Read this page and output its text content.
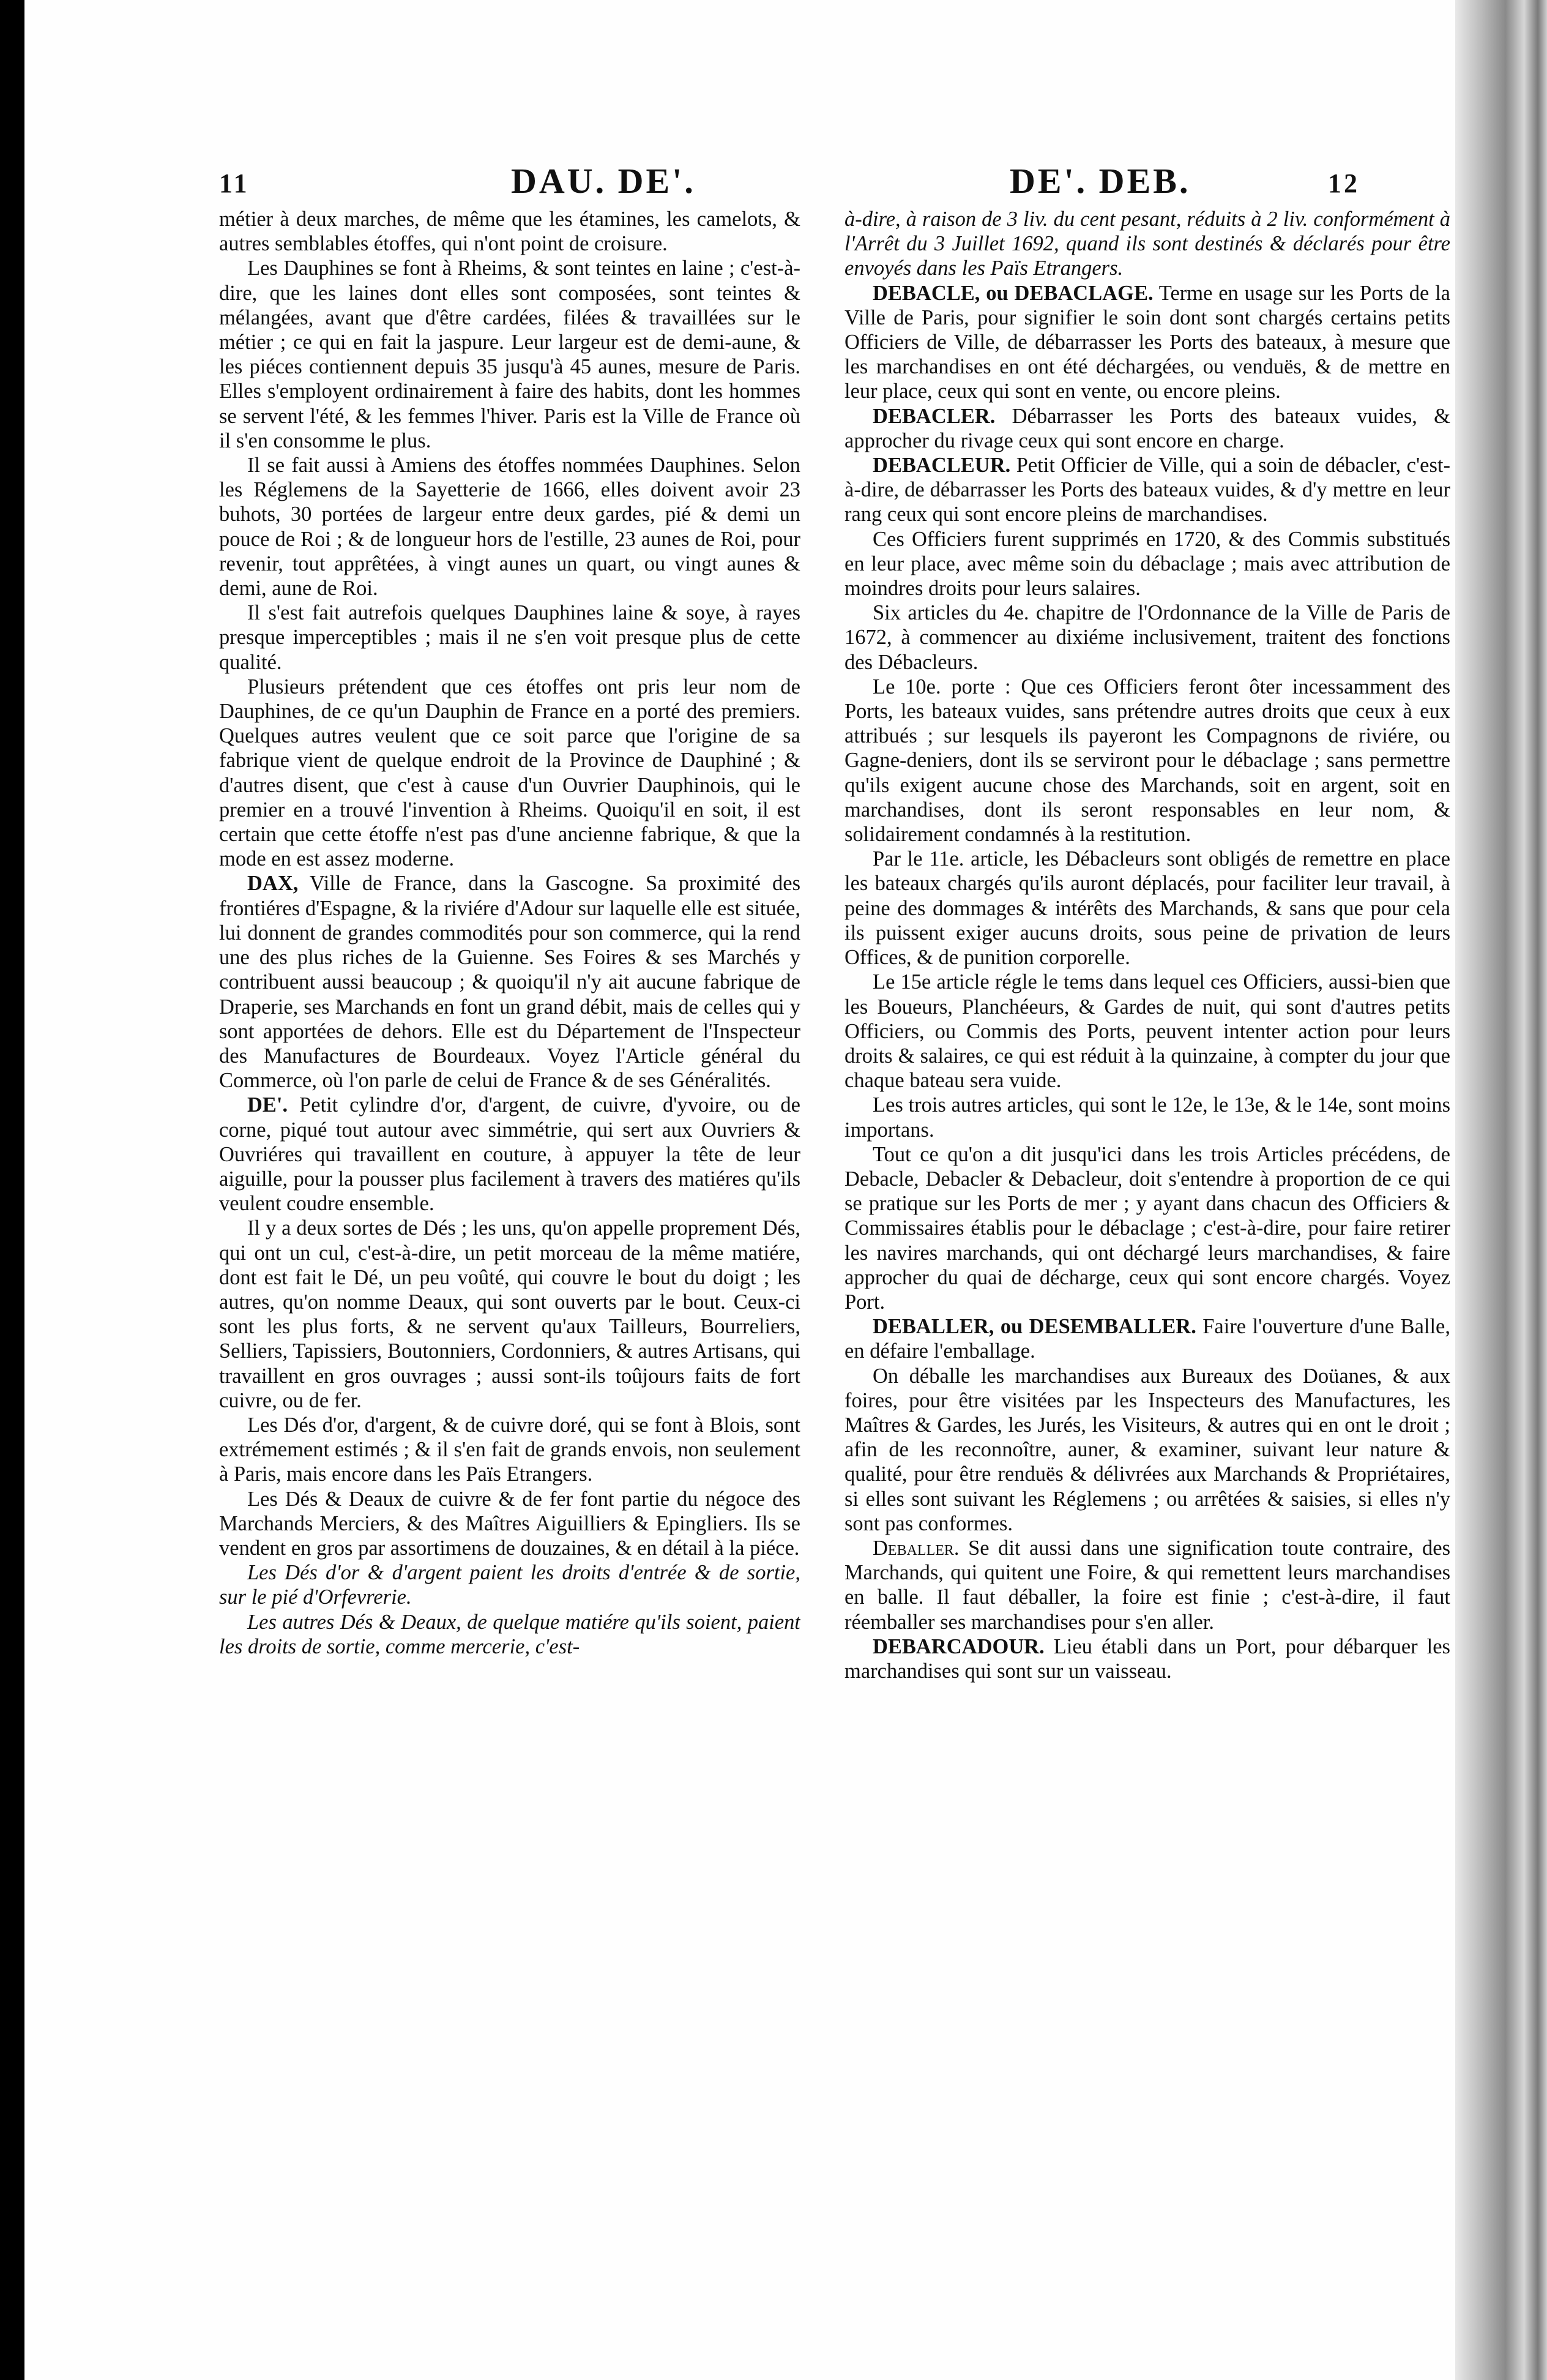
11	DAU. DE'.	DE'. DEB.	12

métier à deux marches, de même que les étamines, les camelots, & autres semblables étoffes, qui n'ont point de croisure.

Les Dauphines se font à Rheims, & sont teintes en laine ; c'est-à-dire, que les laines dont elles sont composées, sont teintes & mélangées, avant que d'être cardées, filées & travaillées sur le métier ; ce qui en fait la jaspure. Leur largeur est de demi-aune, & les piéces contiennent depuis 35 jusqu'à 45 aunes, mesure de Paris. Elles s'employent ordinairement à faire des habits, dont les hommes se servent l'été, & les femmes l'hiver. Paris est la Ville de France où il s'en consomme le plus.

Il se fait aussi à Amiens des étoffes nommées Dauphines. Selon les Réglemens de la Sayetterie de 1666, elles doivent avoir 23 buhots, 30 portées de largeur entre deux gardes, pié & demi un pouce de Roi ; & de longueur hors de l'estille, 23 aunes de Roi, pour revenir, tout apprêtées, à vingt aunes un quart, ou vingt aunes & demi, aune de Roi.

Il s'est fait autrefois quelques Dauphines laine & soye, à rayes presque imperceptibles ; mais il ne s'en voit presque plus de cette qualité.

Plusieurs prétendent que ces étoffes ont pris leur nom de Dauphines, de ce qu'un Dauphin de France en a porté des premiers. Quelques autres veulent que ce soit parce que l'origine de sa fabrique vient de quelque endroit de la Province de Dauphiné ; & d'autres disent, que c'est à cause d'un Ouvrier Dauphinois, qui le premier en a trouvé l'invention à Rheims. Quoiqu'il en soit, il est certain que cette étoffe n'est pas d'une ancienne fabrique, & que la mode en est assez moderne.

DAX, Ville de France, dans la Gascogne. Sa proximité des frontiéres d'Espagne, & la riviére d'Adour sur laquelle elle est située, lui donnent de grandes commodités pour son commerce, qui la rend une des plus riches de la Guienne. Ses Foires & ses Marchés y contribuent aussi beaucoup ; & quoiqu'il n'y ait aucune fabrique de Draperie, ses Marchands en font un grand débit, mais de celles qui y sont apportées de dehors. Elle est du Département de l'Inspecteur des Manufactures de Bourdeaux. Voyez l'Article général du Commerce, où l'on parle de celui de France & de ses Généralités.

DE'. Petit cylindre d'or, d'argent, de cuivre, d'yvoire, ou de corne, piqué tout autour avec simmétrie, qui sert aux Ouvriers & Ouvriéres qui travaillent en couture, à appuyer la tête de leur aiguille, pour la pousser plus facilement à travers des matiéres qu'ils veulent coudre ensemble.

Il y a deux sortes de Dés ; les uns, qu'on appelle proprement Dés, qui ont un cul, c'est-à-dire, un petit morceau de la même matiére, dont est fait le Dé, un peu voûté, qui couvre le bout du doigt ; les autres, qu'on nomme Deaux, qui sont ouverts par le bout. Ceux-ci sont les plus forts, & ne servent qu'aux Tailleurs, Bourreliers, Selliers, Tapissiers, Boutonniers, Cordonniers, & autres Artisans, qui travaillent en gros ouvrages ; aussi sont-ils toûjours faits de fort cuivre, ou de fer.

Les Dés d'or, d'argent, & de cuivre doré, qui se font à Blois, sont extrémement estimés ; & il s'en fait de grands envois, non seulement à Paris, mais encore dans les Païs Etrangers.

Les Dés & Deaux de cuivre & de fer font partie du négoce des Marchands Merciers, & des Maîtres Aiguilliers & Epingliers. Ils se vendent en gros par assortimens de douzaines, & en détail à la piéce.

Les Dés d'or & d'argent paient les droits d'entrée & de sortie, sur le pié d'Orfevrerie.

Les autres Dés & Deaux, de quelque matiére qu'ils soient, paient les droits de sortie, comme mercerie, c'est-

à-dire, à raison de 3 liv. du cent pesant, réduits à 2 liv. conformément à l'Arrêt du 3 Juillet 1692, quand ils sont destinés & déclarés pour être envoyés dans les Païs Etrangers.

DEBACLE, ou DEBACLAGE. Terme en usage sur les Ports de la Ville de Paris, pour signifier le soin dont sont chargés certains petits Officiers de Ville, de débarrasser les Ports des bateaux, à mesure que les marchandises en ont été déchargées, ou venduës, & de mettre en leur place, ceux qui sont en vente, ou encore pleins.

DEBACLER. Débarrasser les Ports des bateaux vuides, & approcher du rivage ceux qui sont encore en charge.

DEBACLEUR. Petit Officier de Ville, qui a soin de débacler, c'est-à-dire, de débarrasser les Ports des bateaux vuides, & d'y mettre en leur rang ceux qui sont encore pleins de marchandises.

Ces Officiers furent supprimés en 1720, & des Commis substitués en leur place, avec même soin du débaclage ; mais avec attribution de moindres droits pour leurs salaires.

Six articles du 4e. chapitre de l'Ordonnance de la Ville de Paris de 1672, à commencer au dixiéme inclusivement, traitent des fonctions des Débacleurs.

Le 10e. porte : Que ces Officiers feront ôter incessamment des Ports, les bateaux vuides, sans prétendre autres droits que ceux à eux attribués ; sur lesquels ils payeront les Compagnons de riviére, ou Gagne-deniers, dont ils se serviront pour le débaclage ; sans permettre qu'ils exigent aucune chose des Marchands, soit en argent, soit en marchandises, dont ils seront responsables en leur nom, & solidairement condamnés à la restitution.

Par le 11e. article, les Débacleurs sont obligés de remettre en place les bateaux chargés qu'ils auront déplacés, pour faciliter leur travail, à peine des dommages & intérêts des Marchands, & sans que pour cela ils puissent exiger aucuns droits, sous peine de privation de leurs Offices, & de punition corporelle.

Le 15e article régle le tems dans lequel ces Officiers, aussi-bien que les Boueurs, Planchéeurs, & Gardes de nuit, qui sont d'autres petits Officiers, ou Commis des Ports, peuvent intenter action pour leurs droits & salaires, ce qui est réduit à la quinzaine, à compter du jour que chaque bateau sera vuide.

Les trois autres articles, qui sont le 12e, le 13e, & le 14e, sont moins importans.

Tout ce qu'on a dit jusqu'ici dans les trois Articles précédens, de Debacle, Debacler & Debacleur, doit s'entendre à proportion de ce qui se pratique sur les Ports de mer ; y ayant dans chacun des Officiers & Commissaires établis pour le débaclage ; c'est-à-dire, pour faire retirer les navires marchands, qui ont déchargé leurs marchandises, & faire approcher du quai de décharge, ceux qui sont encore chargés. Voyez Port.

DEBALLER, ou DESEMBALLER. Faire l'ouverture d'une Balle, en défaire l'emballage.

On déballe les marchandises aux Bureaux des Doüanes, & aux foires, pour être visitées par les Inspecteurs des Manufactures, les Maîtres & Gardes, les Jurés, les Visiteurs, & autres qui en ont le droit ; afin de les reconnoître, auner, & examiner, suivant leur nature & qualité, pour être renduës & délivrées aux Marchands & Propriétaires, si elles sont suivant les Réglemens ; ou arrêtées & saisies, si elles n'y sont pas conformes.

Deballer. Se dit aussi dans une signification toute contraire, des Marchands, qui quitent une Foire, & qui remettent leurs marchandises en balle. Il faut déballer, la foire est finie ; c'est-à-dire, il faut réemballer ses marchandises pour s'en aller.

DEBARCADOUR. Lieu établi dans un Port, pour débarquer les marchandises qui sont sur un vaisseau.
